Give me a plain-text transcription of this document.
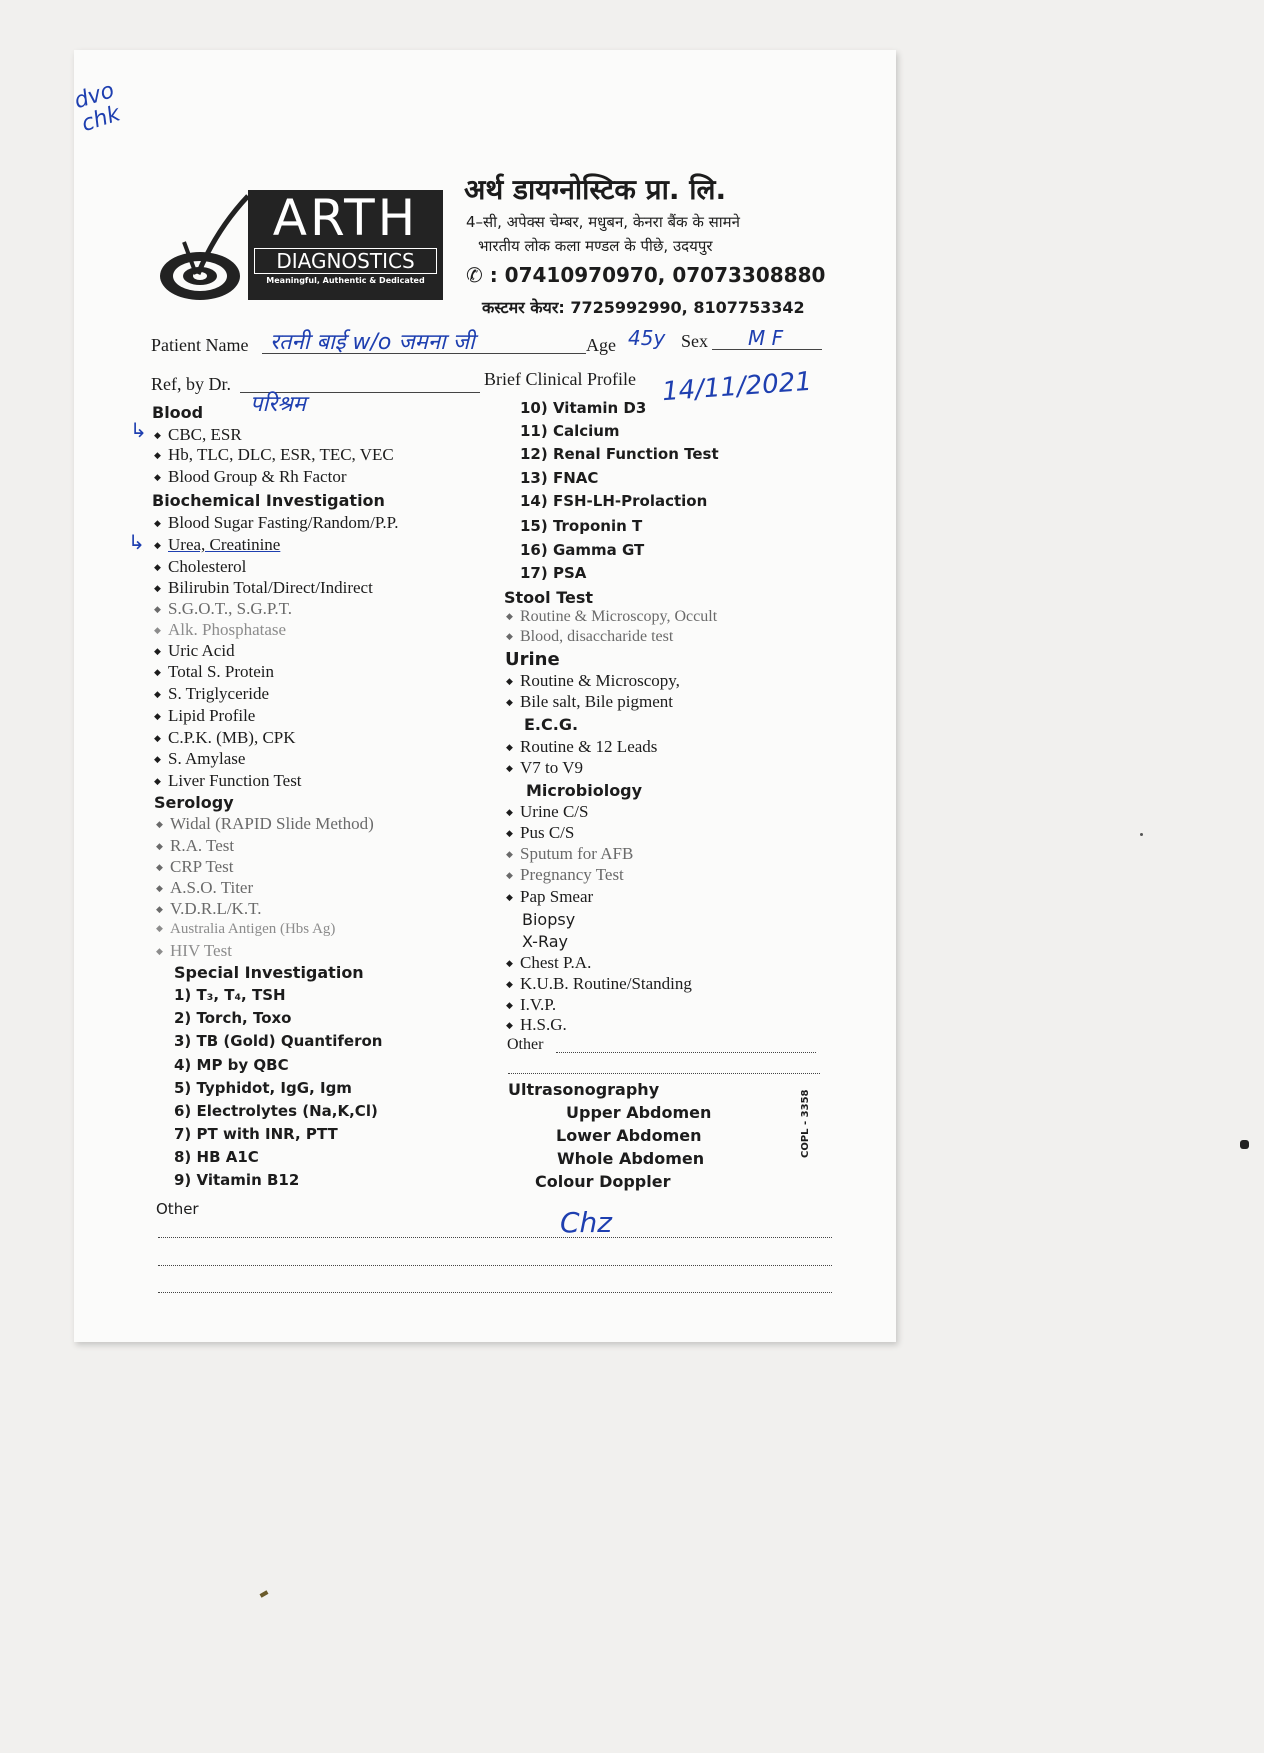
dvo
chk
ARTH
DIAGNOSTICS
Meaningful, Authentic & Dedicated
अर्थ डायग्नोस्टिक प्रा. लि.
4–सी, अपेक्स चेम्बर, मधुबन, केनरा बैंक के सामने
भारतीय लोक कला मण्डल के पीछे, उदयपुर
✆ : 07410970970, 07073308880
कस्टमर केयर: 7725992990, 8107753342
Patient Name रतनी बाई w/o जमना जी	Age 45y Sex M F
Ref, by Dr.
परिश्रम
Brief Clinical Profile 14/11/2021
Blood
↳	◆ CBC, ESR
◆ Hb, TLC, DLC, ESR, TEC, VEC
◆ Blood Group & Rh Factor
Biochemical Investigation
◆ Blood Sugar Fasting/Random/P.P.
↳	◆ Urea, Creatinine
◆ Cholesterol
◆ Bilirubin Total/Direct/Indirect
◆ S.G.O.T., S.G.P.T.
◆ Alk. Phosphatase
◆ Uric Acid
◆ Total S. Protein
◆ S. Triglyceride
◆ Lipid Profile
◆ C.P.K. (MB), CPK
◆ S. Amylase
◆ Liver Function Test
Serology
◆ Widal (RAPID Slide Method)
◆ R.A. Test
◆ CRP Test
◆ A.S.O. Titer
◆ V.D.R.L/K.T.
◆ Australia Antigen (Hbs Ag)
◆ HIV Test
Special Investigation
1) T₃, T₄, TSH
2) Torch, Toxo
3) TB (Gold) Quantiferon
4) MP by QBC
5) Typhidot, IgG, Igm
6) Electrolytes (Na,K,Cl)
7) PT with INR, PTT
8) HB A1C
9) Vitamin B12
Other
10) Vitamin D3
11) Calcium
12) Renal Function Test
13) FNAC
14) FSH-LH-Prolaction
15) Troponin T
16) Gamma GT
17) PSA
Stool Test
◆ Routine & Microscopy, Occult
◆ Blood, disaccharide test
Urine
◆ Routine & Microscopy,
◆ Bile salt, Bile pigment
E.C.G.
◆ Routine & 12 Leads
◆ V7 to V9
Microbiology
◆ Urine C/S
◆ Pus C/S
◆ Sputum for AFB
◆ Pregnancy Test
◆ Pap Smear
Biopsy
X-Ray
◆ Chest P.A.
◆ K.U.B. Routine/Standing
◆ I.V.P.
◆ H.S.G.
Other
Ultrasonography
Upper Abdomen
Lower Abdomen
Whole Abdomen
Colour Doppler
COPL - 3358
Chz
